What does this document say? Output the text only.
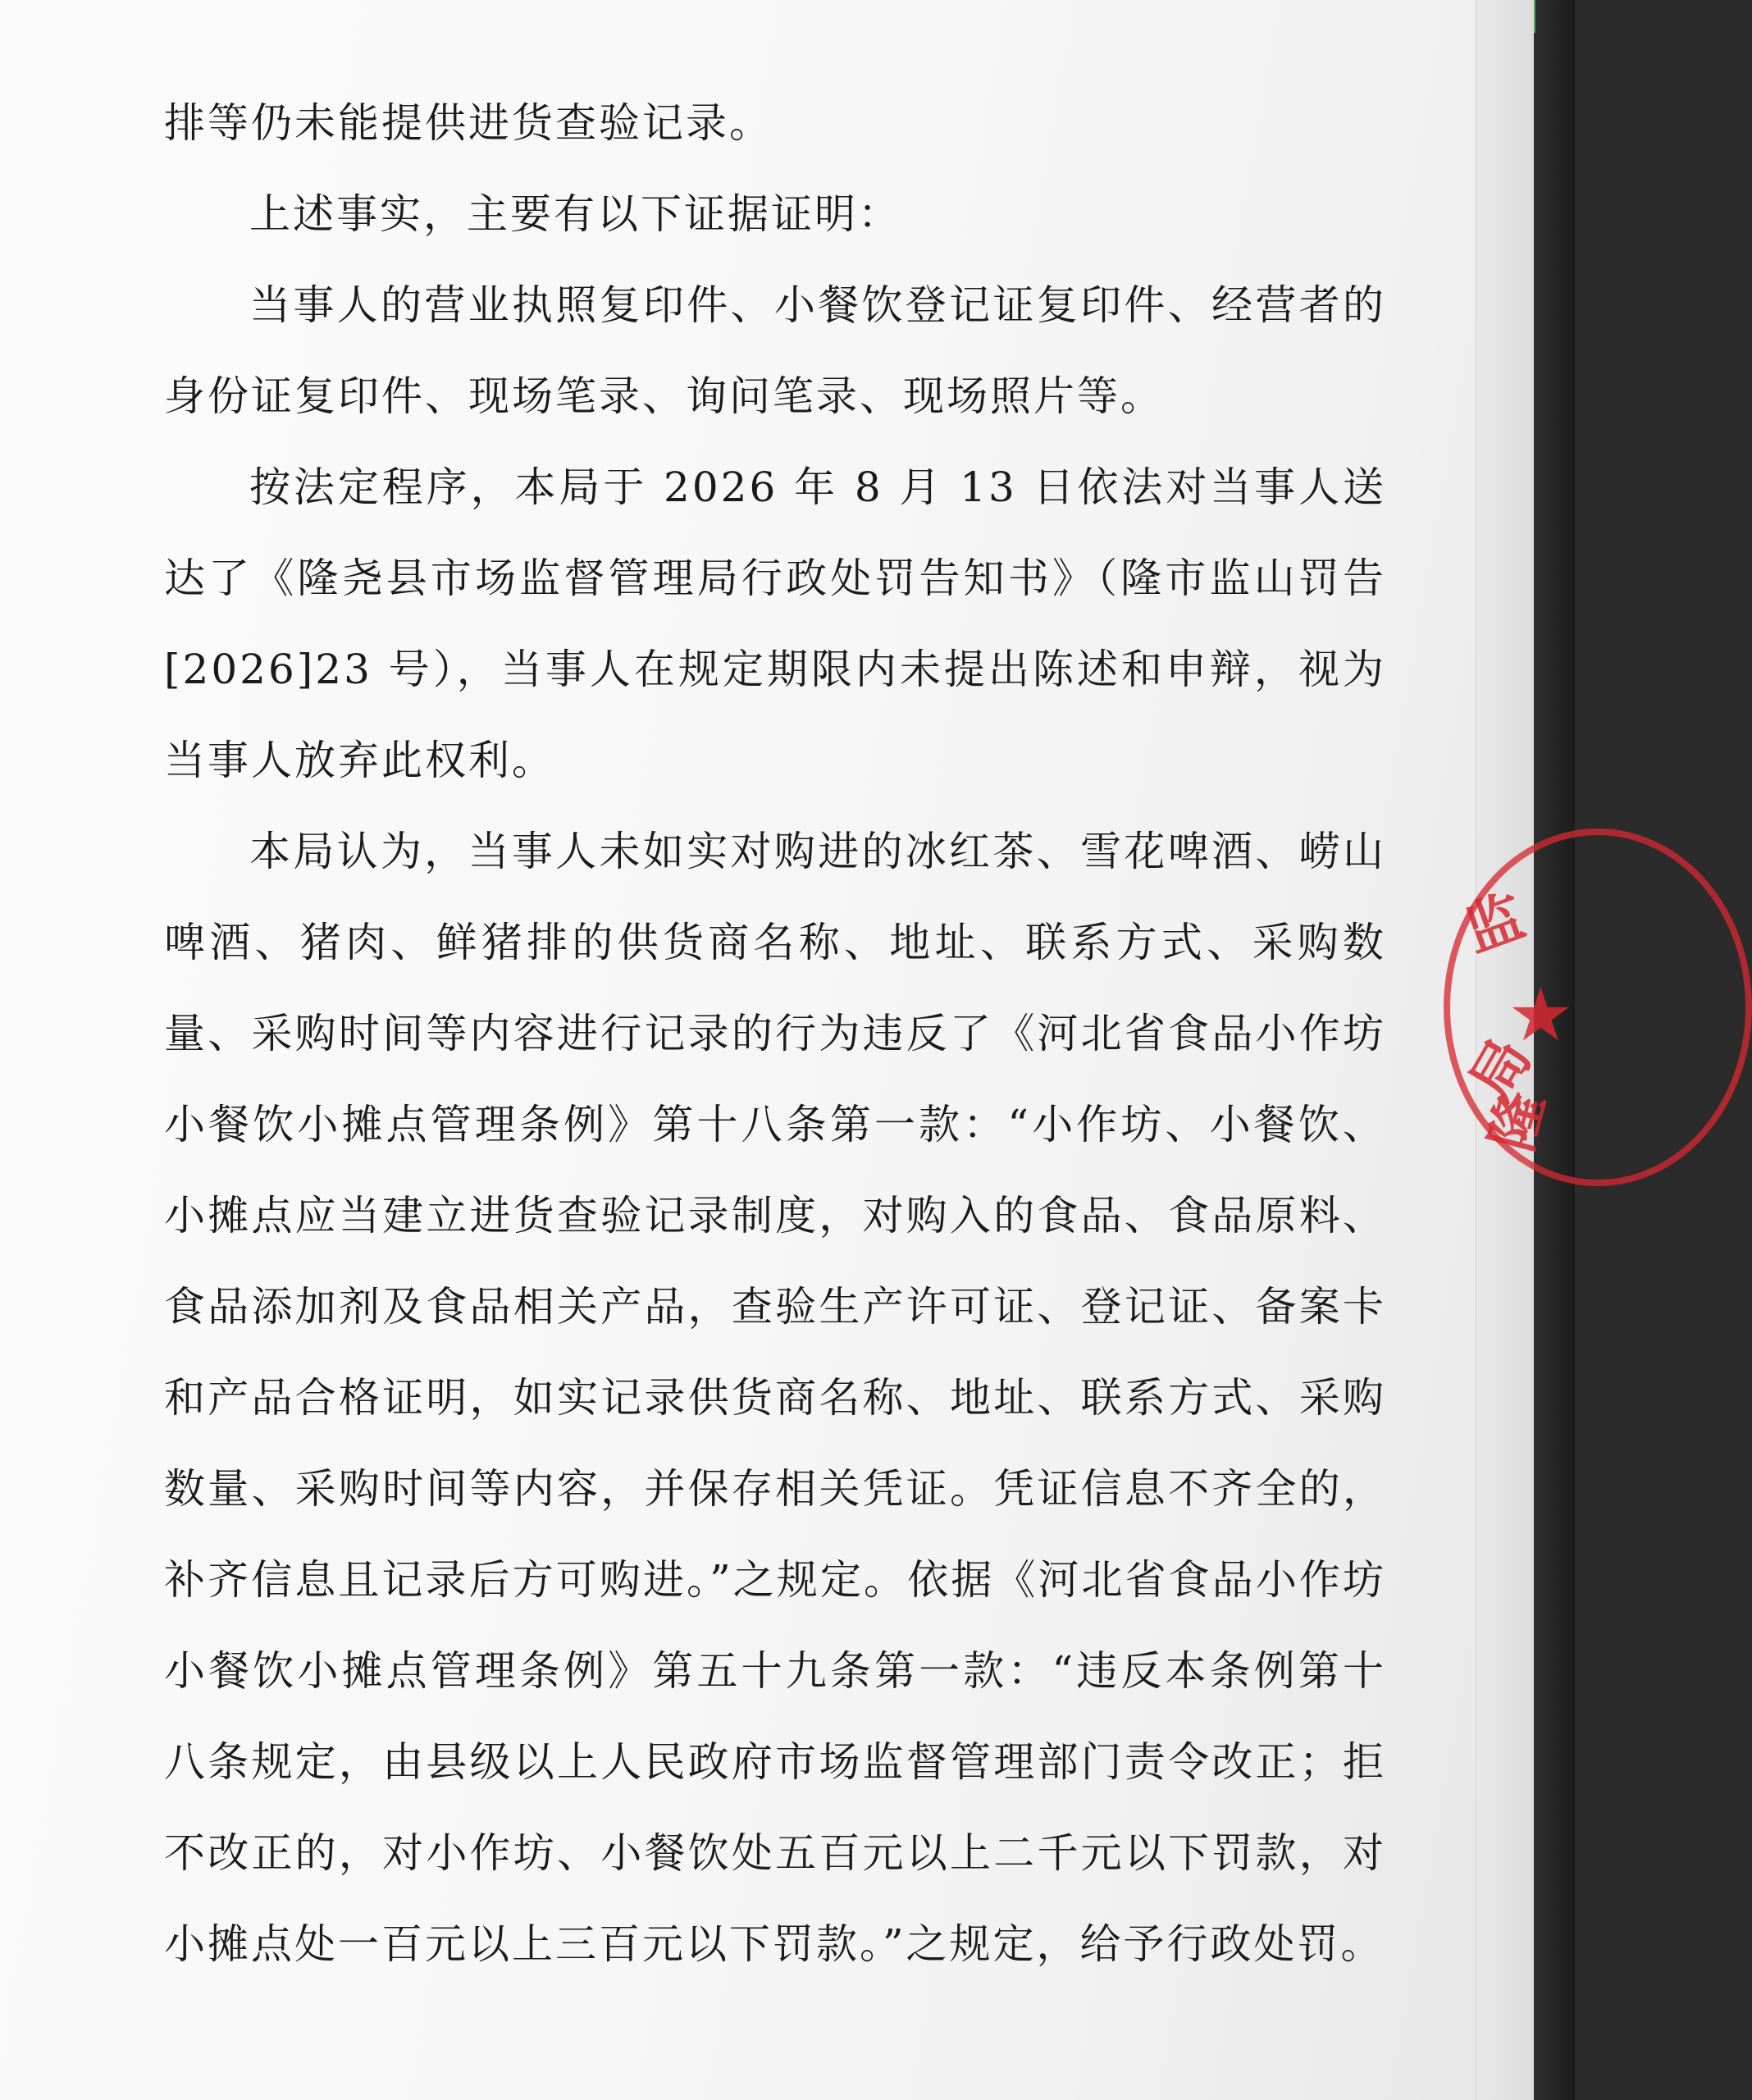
排等仍未能提供进货查验记录。

上述事实，主要有以下证据证明：

当事人的营业执照复印件、小餐饮登记证复印件、经营者的身份证复印件、现场笔录、询问笔录、现场照片等。

按法定程序，本局于 2026 年 8 月 13 日依法对当事人送达了《隆尧县市场监督管理局行政处罚告知书》（隆市监山罚告[2026]23 号），当事人在规定期限内未提出陈述和申辩，视为当事人放弃此权利。

本局认为，当事人未如实对购进的冰红茶、雪花啤酒、崂山啤酒、猪肉、鲜猪排的供货商名称、地址、联系方式、采购数量、采购时间等内容进行记录的行为违反了《河北省食品小作坊小餐饮小摊点管理条例》第十八条第一款：“小作坊、小餐饮、小摊点应当建立进货查验记录制度，对购入的食品、食品原料、食品添加剂及食品相关产品，查验生产许可证、登记证、备案卡和产品合格证明，如实记录供货商名称、地址、联系方式、采购数量、采购时间等内容，并保存相关凭证。凭证信息不齐全的，补齐信息且记录后方可购进。”之规定。依据《河北省食品小作坊小餐饮小摊点管理条例》第五十九条第一款：“违反本条例第十八条规定，由县级以上人民政府市场监督管理部门责令改正；拒不改正的，对小作坊、小餐饮处五百元以上二千元以下罚款，对小摊点处一百元以上三百元以下罚款。”之规定，给予行政处罚。

监
局
隆
★
